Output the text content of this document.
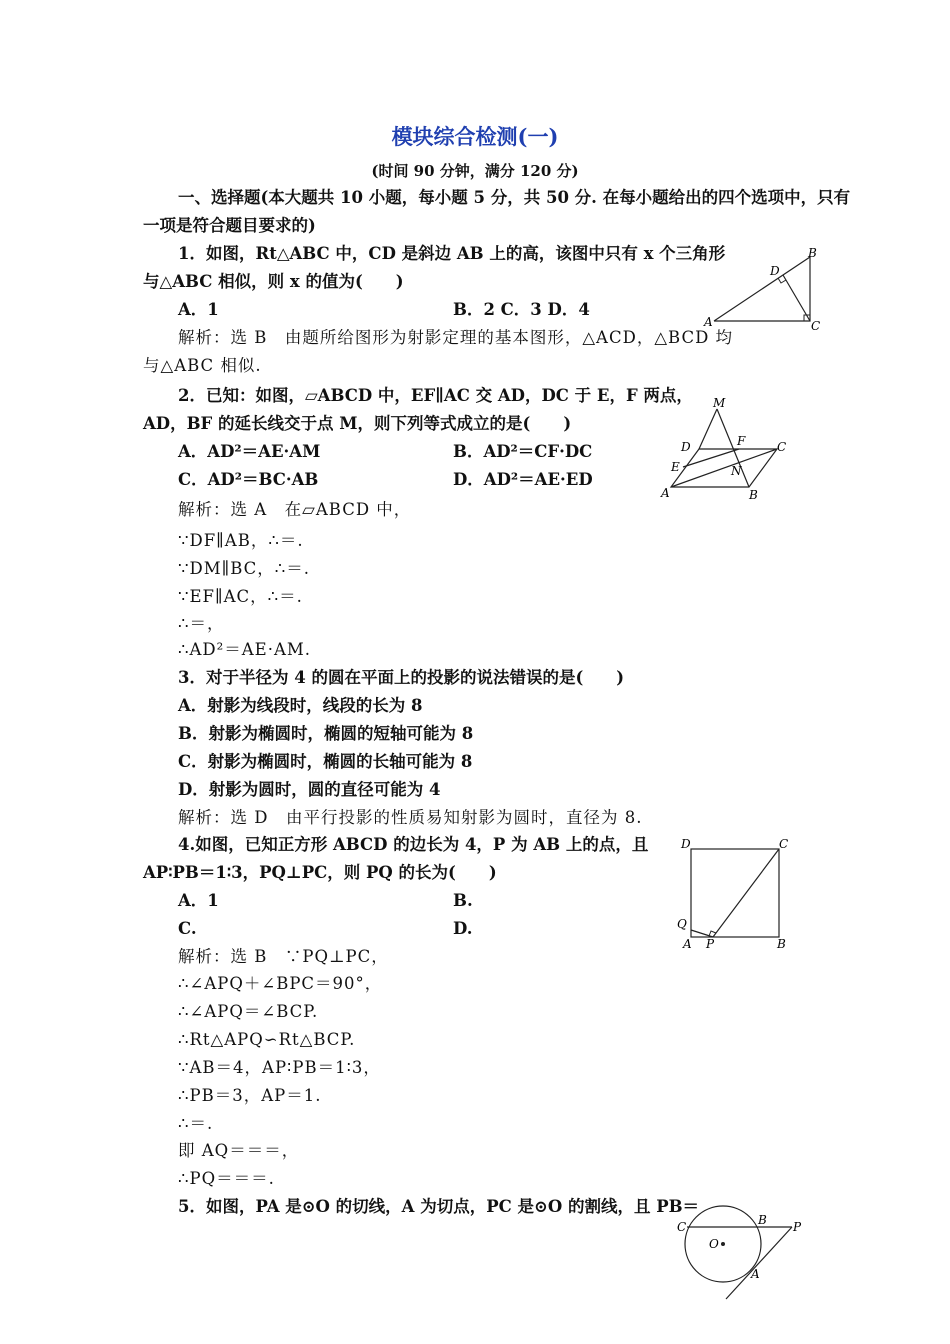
模块综合检测(一)
(时间 90 分钟，满分 120 分)
一、选择题(本大题共 10 小题，每小题 5 分，共 50 分. 在每小题给出的四个选项中，只有
一项是符合题目要求的)
1．如图，Rt△ABC 中，CD 是斜边 AB 上的高，该图中只有 x 个三角形
与△ABC 相似，则 x 的值为(　　)
A．1	B．2 C．3 D．4
解析：选 B　由题所给图形为射影定理的基本图形，△ACD，△BCD 均
与△ABC 相似.
B
D
A	C
2．已知：如图，▱ABCD 中，EF∥AC 交 AD，DC 于 E，F 两点，
AD，BF 的延长线交于点 M，则下列等式成立的是(　　)
A．AD²＝AE·AM	B．AD²＝CF·DC
C．AD²＝BC·AB	D．AD²＝AE·ED
解析：选 A　在▱ABCD 中，
∵DF∥AB，∴＝.
∵DM∥BC，∴＝.
∵EF∥AC，∴＝.
∴＝，
∴AD²＝AE·AM.
M
D	F	C
E	N
A	B
3．对于半径为 4 的圆在平面上的投影的说法错误的是(　　)
A．射影为线段时，线段的长为 8
B．射影为椭圆时，椭圆的短轴可能为 8
C．射影为椭圆时，椭圆的长轴可能为 8
D．射影为圆时，圆的直径可能为 4
解析：选 D　由平行投影的性质易知射影为圆时，直径为 8.
4.如图，已知正方形 ABCD 的边长为 4，P 为 AB 上的点，且
AP∶PB＝1∶3，PQ⊥PC，则 PQ 的长为(　　)
A．1	B.
C.	D.
解析：选 B　∵PQ⊥PC，
∴∠APQ＋∠BPC＝90°，
∴∠APQ＝∠BCP.
∴Rt△APQ∽Rt△BCP.
∵AB＝4，AP∶PB＝1∶3，
∴PB＝3，AP＝1.
∴＝.
即 AQ＝＝＝，
∴PQ＝＝＝.
D	C
Q
A P	B
5．如图，PA 是⊙O 的切线，A 为切点，PC 是⊙O 的割线，且 PB＝
C	B P
O
A
